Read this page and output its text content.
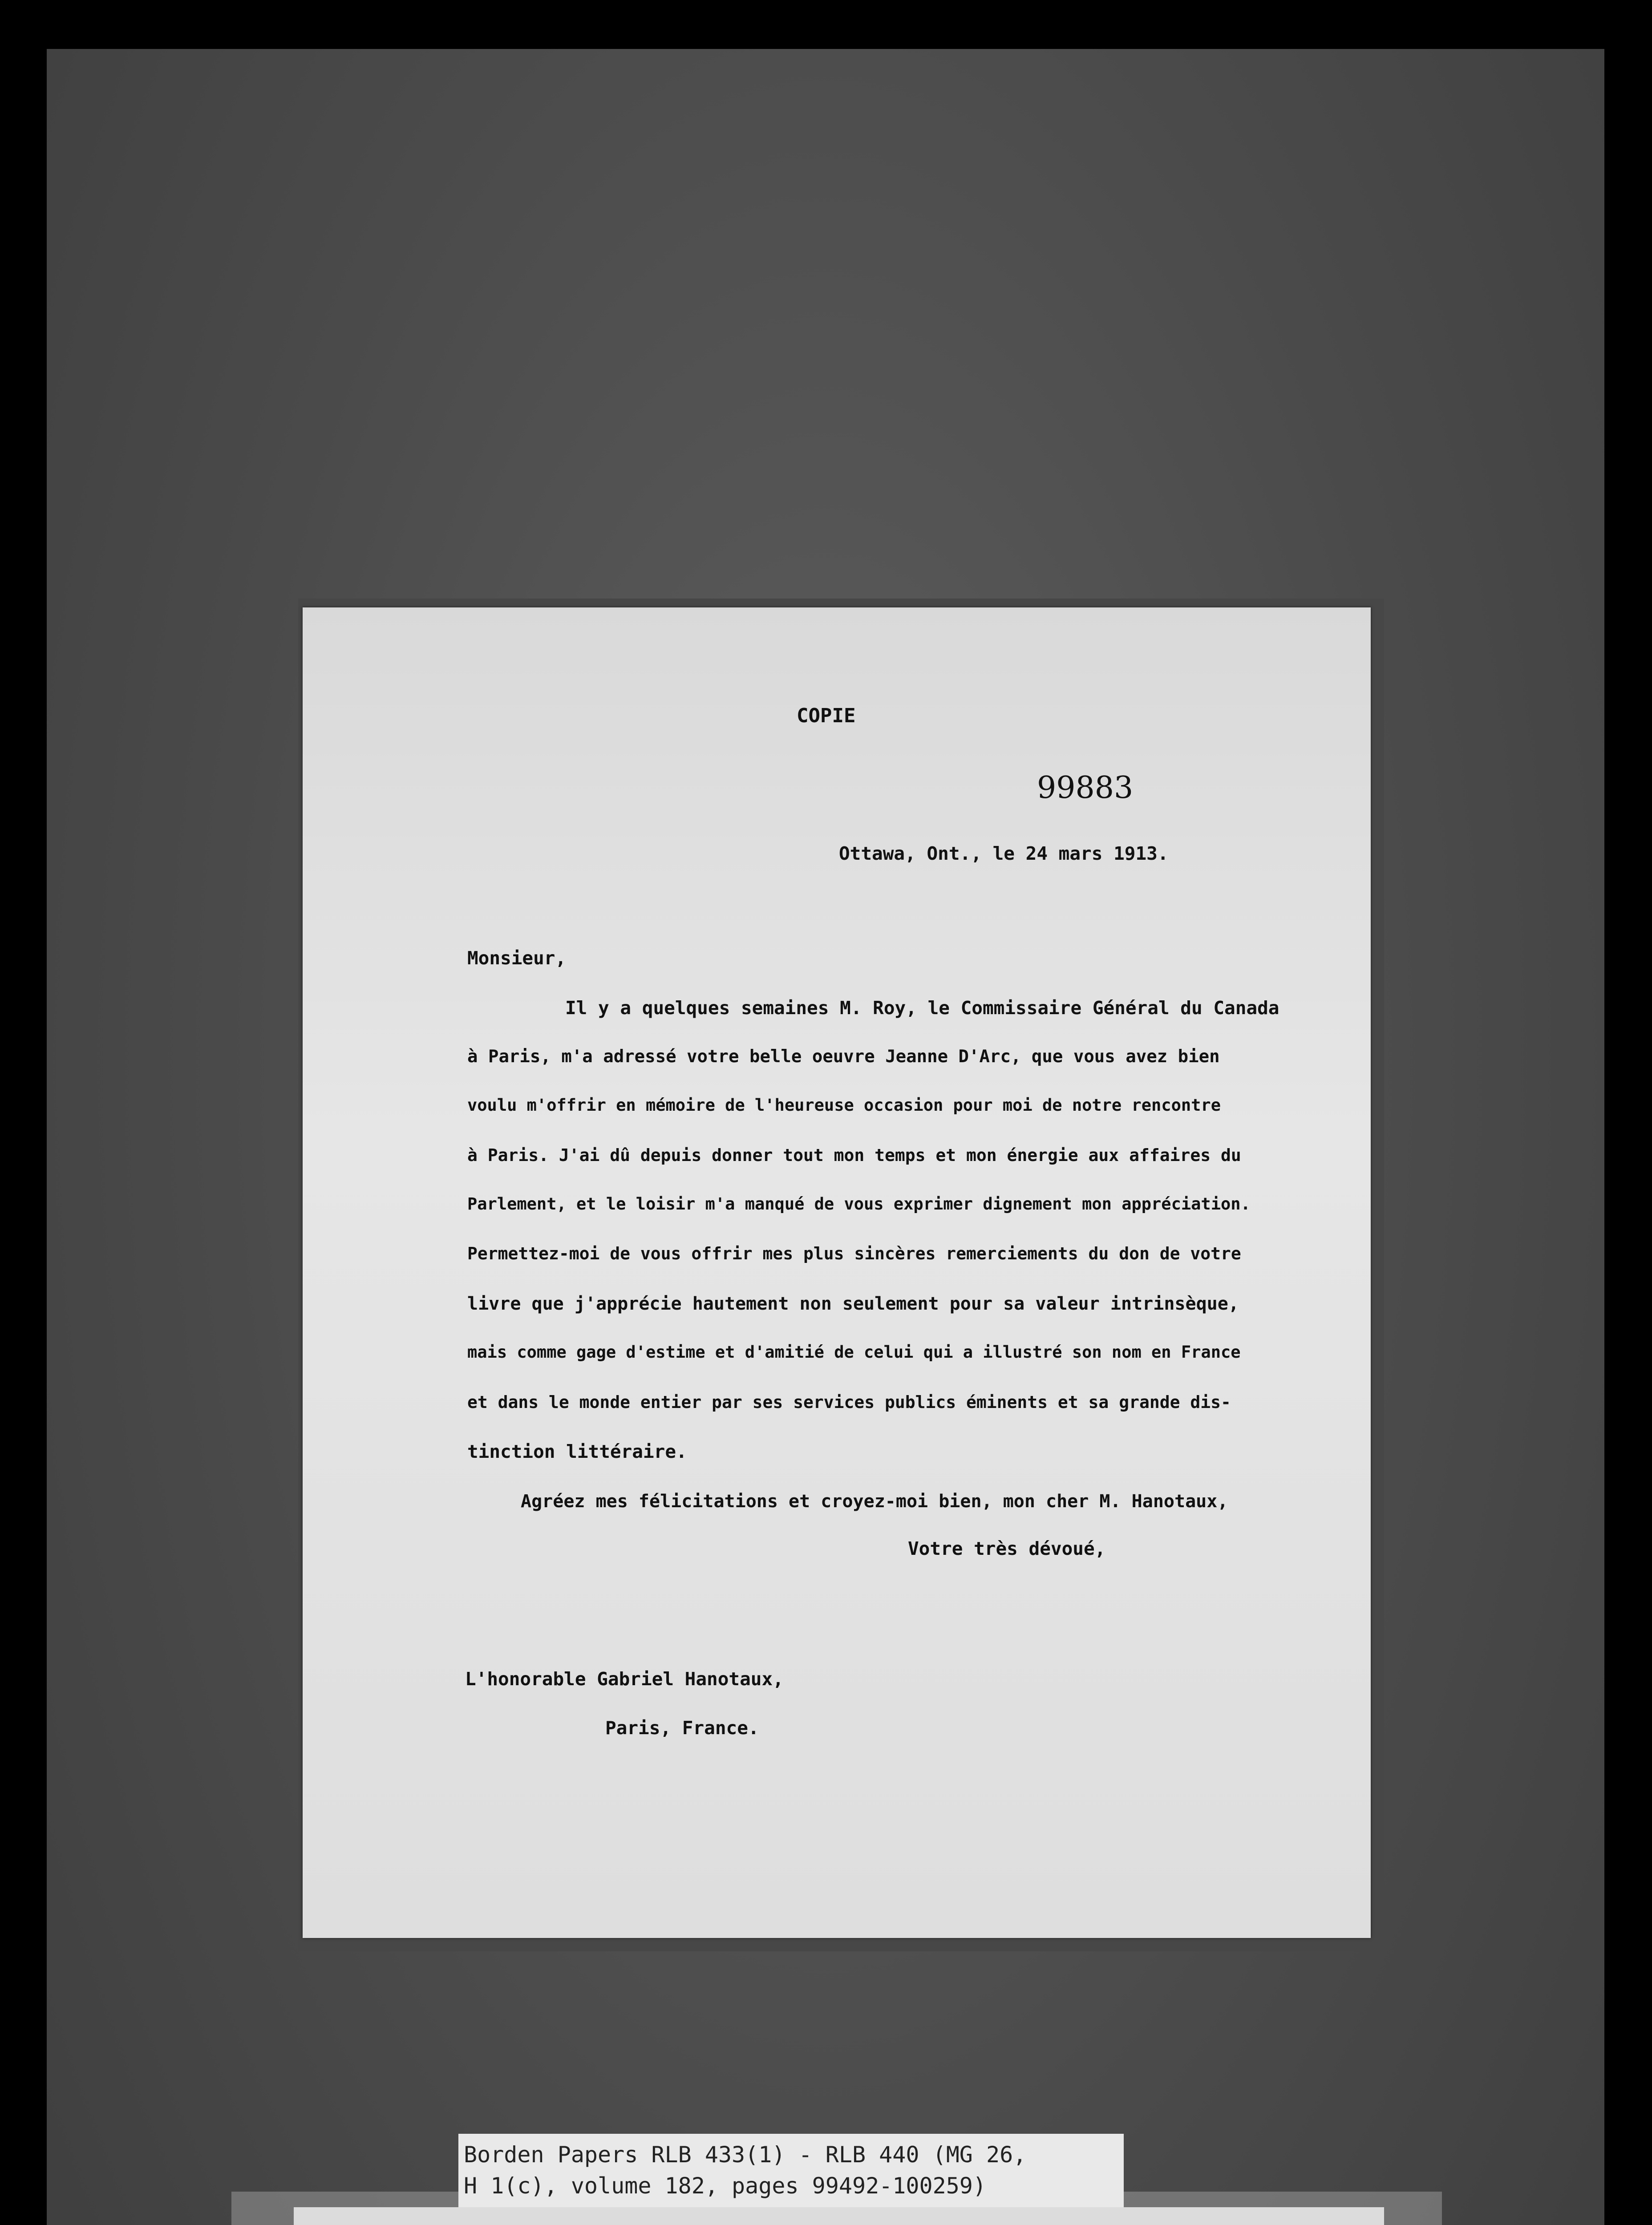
COPIE
99883
Ottawa, Ont., le 24 mars 1913.
Monsieur,
Il y a quelques semaines M. Roy, le Commissaire Général du Canada
à Paris, m'a adressé votre belle oeuvre Jeanne D'Arc, que vous avez bien
voulu m'offrir en mémoire de l'heureuse occasion pour moi de notre rencontre
à Paris. J'ai dû depuis donner tout mon temps et mon énergie aux affaires du
Parlement, et le loisir m'a manqué de vous exprimer dignement mon appréciation.
Permettez-moi de vous offrir mes plus sincères remerciements du don de votre
livre que j'apprécie hautement non seulement pour sa valeur intrinsèque,
mais comme gage d'estime et d'amitié de celui qui a illustré son nom en France
et dans le monde entier par ses services publics éminents et sa grande dis-
tinction littéraire.
Agréez mes félicitations et croyez-moi bien, mon cher M. Hanotaux,
Votre très dévoué,
L'honorable Gabriel Hanotaux,
Paris, France.
Borden Papers RLB 433(1) - RLB 440 (MG 26,
H 1(c), volume 182, pages 99492-100259)
